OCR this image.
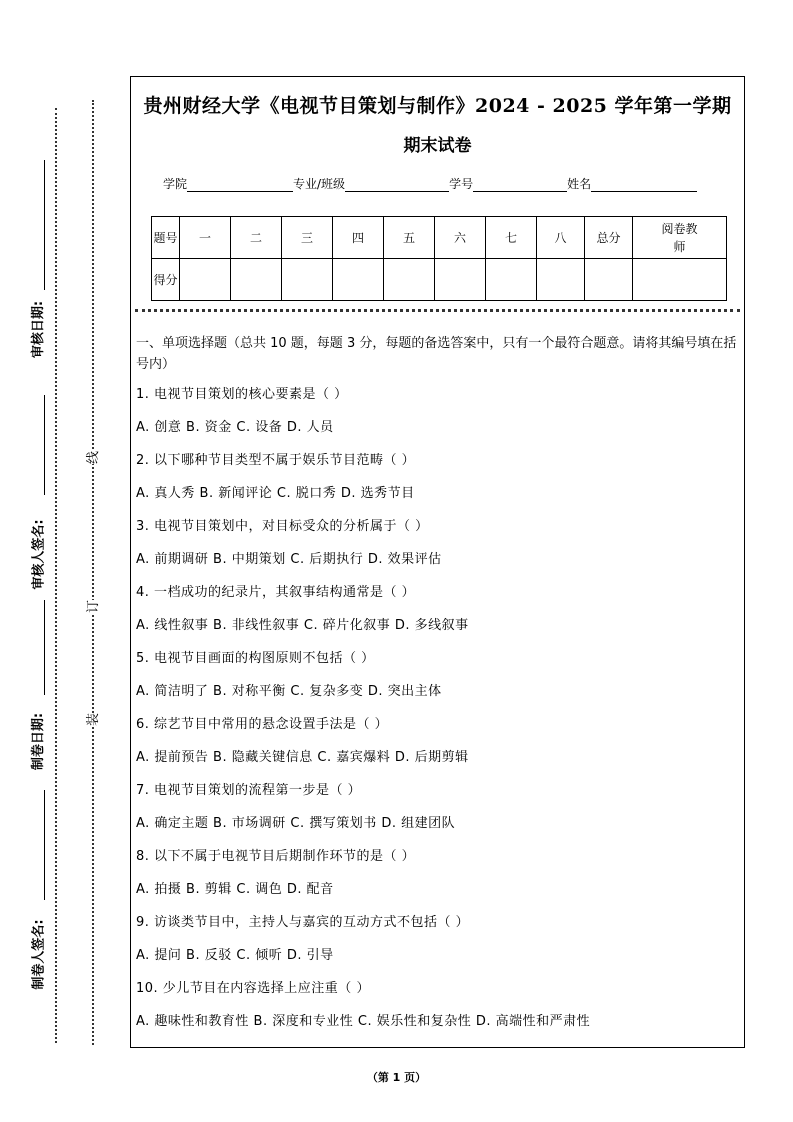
审核日期:
审核人签名:
制卷日期:
制卷人签名:
线
订
装
贵州财经大学《电视节目策划与制作》2024 - 2025 学年第一学期
期末试卷
学院	专业/班级	学号	姓名
题号	一	二	三	四	五	六	七	八	总分	阅卷教师
得分										
一、单项选择题（总共 10 题，每题 3 分，每题的备选答案中，只有一个最符合题意。请将其编号填在括号内）
1. 电视节目策划的核心要素是（ ）
A. 创意 B. 资金 C. 设备 D. 人员
2. 以下哪种节目类型不属于娱乐节目范畴（ ）
A. 真人秀 B. 新闻评论 C. 脱口秀 D. 选秀节目
3. 电视节目策划中，对目标受众的分析属于（ ）
A. 前期调研 B. 中期策划 C. 后期执行 D. 效果评估
4. 一档成功的纪录片，其叙事结构通常是（ ）
A. 线性叙事 B. 非线性叙事 C. 碎片化叙事 D. 多线叙事
5. 电视节目画面的构图原则不包括（ ）
A. 简洁明了 B. 对称平衡 C. 复杂多变 D. 突出主体
6. 综艺节目中常用的悬念设置手法是（ ）
A. 提前预告 B. 隐藏关键信息 C. 嘉宾爆料 D. 后期剪辑
7. 电视节目策划的流程第一步是（ ）
A. 确定主题 B. 市场调研 C. 撰写策划书 D. 组建团队
8. 以下不属于电视节目后期制作环节的是（ ）
A. 拍摄 B. 剪辑 C. 调色 D. 配音
9. 访谈类节目中，主持人与嘉宾的互动方式不包括（ ）
A. 提问 B. 反驳 C. 倾听 D. 引导
10. 少儿节目在内容选择上应注重（ ）
A. 趣味性和教育性 B. 深度和专业性 C. 娱乐性和复杂性 D. 高端性和严肃性
（第 1 页）
